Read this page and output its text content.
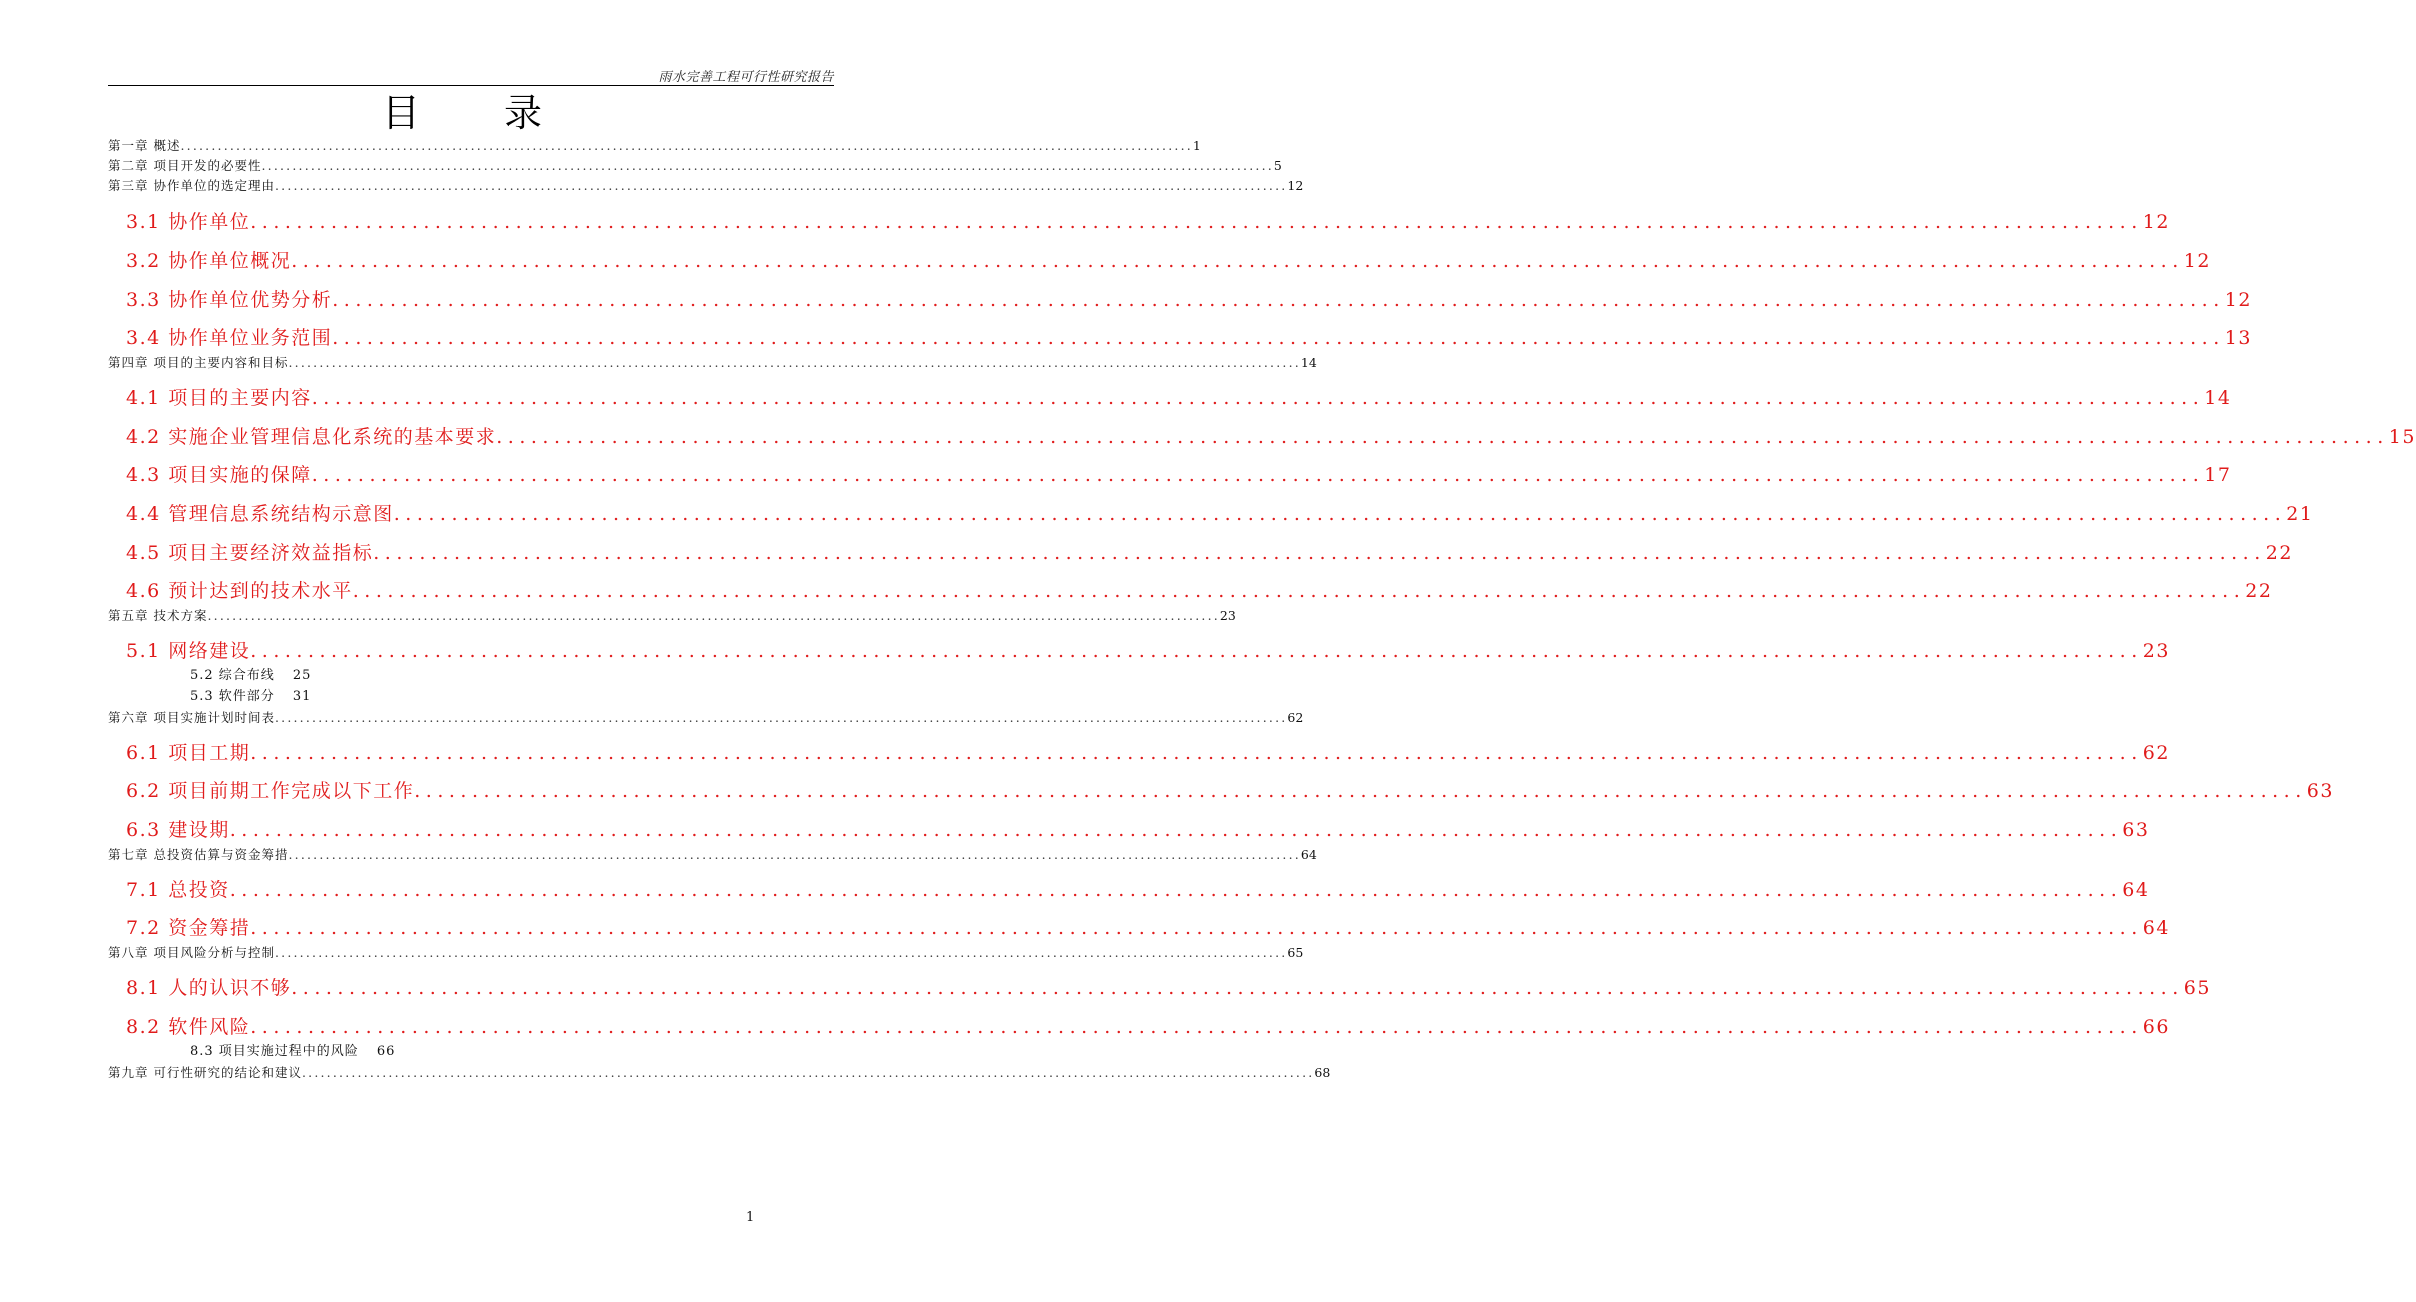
雨水完善工程可行性研究报告
目 录
第一章 概述 .................................................................................................................................................................... 1
第二章 项目开发的必要性 .................................................................................................................................................................... 5
第三章 协作单位的选定理由 .................................................................................................................................................................... 12
3.1 协作单位 .................................................................................................................................................................... 12
3.2 协作单位概况 .................................................................................................................................................................... 12
3.3 协作单位优势分析 .................................................................................................................................................................... 12
3.4 协作单位业务范围 .................................................................................................................................................................... 13
第四章 项目的主要内容和目标 .................................................................................................................................................................... 14
4.1 项目的主要内容 .................................................................................................................................................................... 14
4.2 实施企业管理信息化系统的基本要求 .................................................................................................................................................................... 15
4.3 项目实施的保障 .................................................................................................................................................................... 17
4.4 管理信息系统结构示意图 .................................................................................................................................................................... 21
4.5 项目主要经济效益指标 .................................................................................................................................................................... 22
4.6 预计达到的技术水平 .................................................................................................................................................................... 22
第五章 技术方案 .................................................................................................................................................................... 23
5.1 网络建设 .................................................................................................................................................................... 23
5.2 综合布线 25
5.3 软件部分 31
第六章 项目实施计划时间表 .................................................................................................................................................................... 62
6.1 项目工期 .................................................................................................................................................................... 62
6.2 项目前期工作完成以下工作 .................................................................................................................................................................... 63
6.3 建设期 .................................................................................................................................................................... 63
第七章 总投资估算与资金筹措 .................................................................................................................................................................... 64
7.1 总投资 .................................................................................................................................................................... 64
7.2 资金筹措 .................................................................................................................................................................... 64
第八章 项目风险分析与控制 .................................................................................................................................................................... 65
8.1 人的认识不够 .................................................................................................................................................................... 65
8.2 软件风险 .................................................................................................................................................................... 66
8.3 项目实施过程中的风险 66
第九章 可行性研究的结论和建议 .................................................................................................................................................................... 68
1
